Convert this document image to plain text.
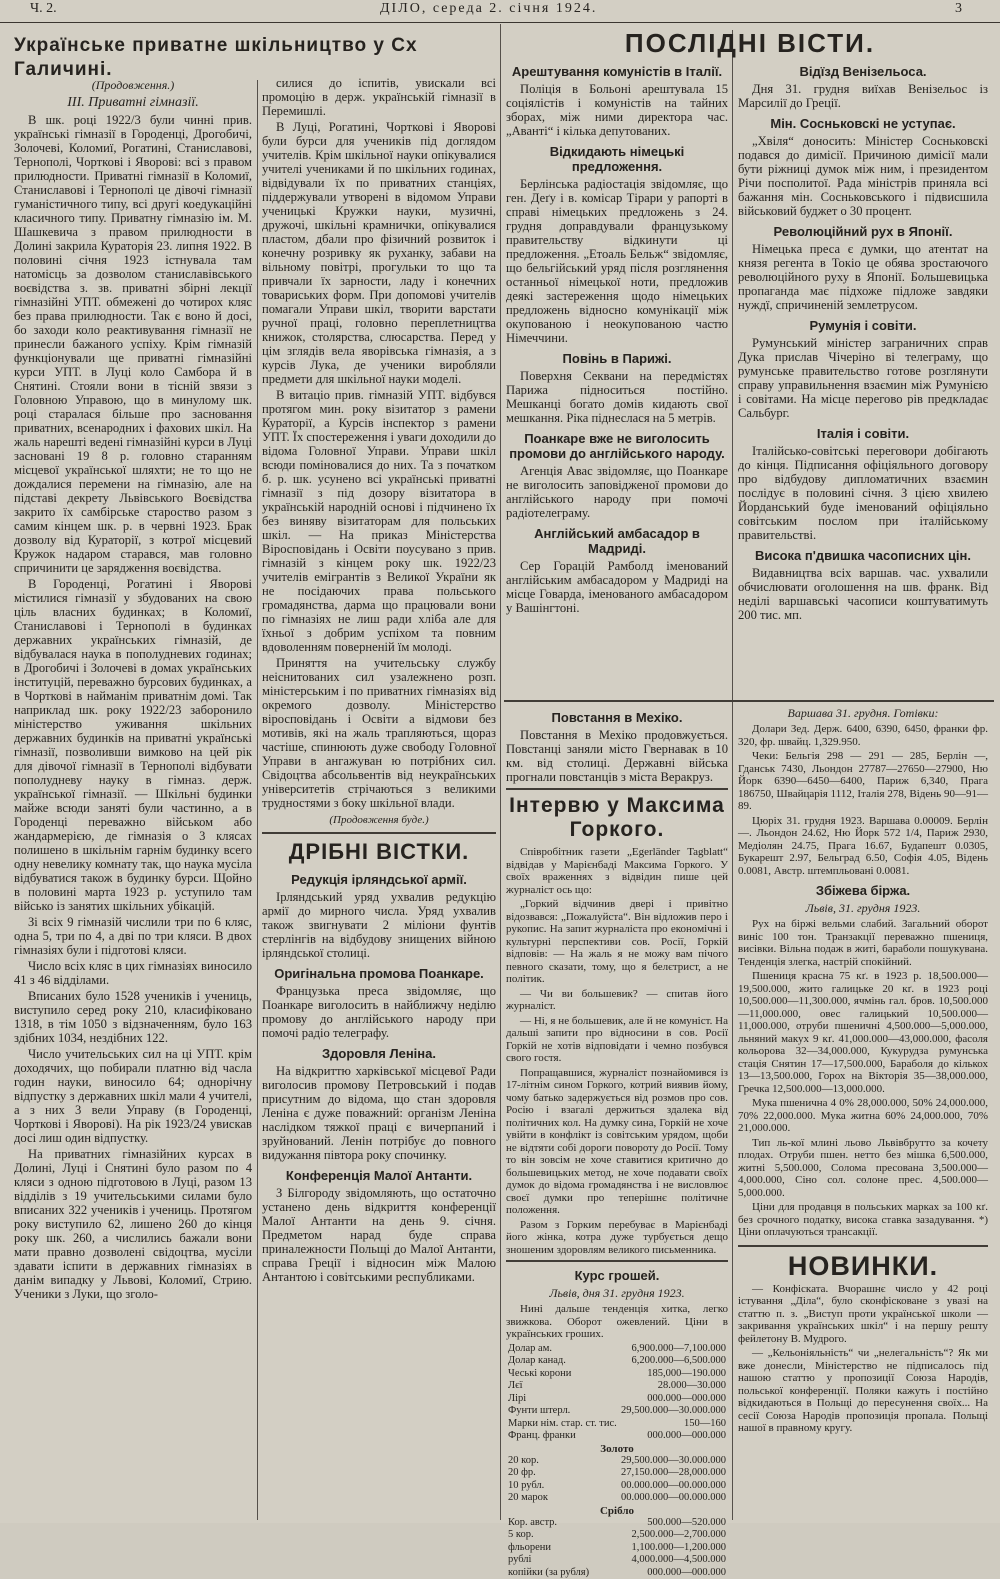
Ч. 2.	ДІЛО, середа 2. січня 1924.	3
Українське приватне шкільництво у Сх Галичині.
(Продовження.)
III. Приватні гімназії.

В шк. році 1922/3 були чинні прив. українські гімназії в Городенці, Дрогобичі, Золочеві, Коломиї, Рогатині, Станиславові, Тернополі, Чорткові і Яворові: всі з правом прилюдности. Приватні гімназії в Коломиї, Станиславові і Тернополі це дівочі гімназії гуманістичного типу, всі другі коедукаційні класичного типу. Приватну гімназію ім. М. Шашкевича з правом прилюдности в Долині закрила Кураторія 23. липня 1922. В половині січня 1923 істнувала там натомісць за дозволом станиславівського воєвідства з. зв. приватні збірні лекції гімназійні УПТ. обмежені до чотирох кляс без права прилюдности. Так є воно й досі, бо заходи коло реактивування гімназії не принесли бажаного успіху. Крім гімназій функціонували ще приватні гімназійні курси УПТ. в Луці коло Самбора й в Снятині. Стояли вони в тісній звязи з Головною Управою, що в минулому шк. році старалася більше про засновання приватних, всенародних і фахових шкіл. На жаль нарешті ведені гімназійні курси в Луці засновані 19 8 р. головно старанням місцевої української шляхти; не то що не дождалися перемени на гімназію, але на підставі декрету Львівського Воєвідства закрито їх самбірське староство разом з самим кінцем шк. р. в червні 1923. Брак дозволу від Кураторії, з котрої місцевий Кружок надаром старався, мав головно спричинити це зарядження воєвідства.

В Городенці, Рогатині і Яворові містилися гімназії у збудованих на свою ціль власних будинках; в Коломиї, Станиславові і Тернополі в будинках державних українських гімназій, де відбувалася наука в пополудневих годинах; в Дрогобичі і Золочеві в домах українських інституцій, переважно бурсових будинках, а в Чорткові в найманім приватнім домі. Так наприклад шк. року 1922/23 заборонило міністерство уживання шкільних державних будинків на приватні українські гімназії, позволивши вимково на цей рік для дівочої гімназії в Тернополі відбувати пополудневу науку в гімназ. держ. української гімназії. — Шкільні будинки майже всюди заняті були частинно, а в Городенці переважно військом або жандармерією, де гімназія о 3 клясах полишено в шкільнім гарнім будинку всего одну невелику комнату так, що наука мусіла відбуватися також в будинку бурси. Щойно в половині марта 1923 р. уступило там військо із занятих шкільних убікацій.

Зі всіх 9 гімназій числили три по 6 кляс, одна 5, три по 4, а дві по три кляси. В двох гімназіях були і підготові кляси.

Число всіх кляс в цих гімназіях виносило 41 з 46 відділами.

Вписаних було 1528 учеників і учениць, виступило серед року 210, класифіковано 1318, в тім 1050 з відзначенням, було 163 здібних 1034, нездібних 122.

Число учительських сил на ці УПТ. крім доходячих, що побирали платню від часла годин науки, виносило 64; однорічну відпустку з державних шкіл мали 4 учителі, а з них 3 вели Управу (в Городенці, Чорткові і Яворові). На рік 1923/24 увискав досі лиш один відпустку.

На приватних гімназійних курсах в Долині, Луці і Снятині було разом по 4 кляси з одною підготовою в Луці, разом 13 відділів з 19 учительськими силами було вписаних 322 учеників і учениць. Протягом року виступило 62, лишено 260 до кінця року шк. 260, а числились бажали вони мати правно дозволені свідоцтва, мусіли здавати іспити в державних гімназіях в данім випадку у Львові, Коломиї, Стрию. Ученики з Луки, що зголо-

силися до іспитів, увискали всі промоцію в держ. українській гімназії в Перемишлі.

В Луці, Рогатині, Чорткові і Яворові були бурси для учеників під доглядом учителів. Крім шкільної науки опікувалися учителі учениками й по шкільних годинах, відвідували їх по приватних станціях, піддержували утворені в відомом Управи ученицькі Кружки науки, музичні, дружочі, шкільні крамнички, опікувалися пластом, дбали про фізичний розвиток і конечну розривку як руханку, забави на вільному повітрі, прогульки то що та привчали їх зарности, ладу і конечних товариських форм. При допомові учителів помагали Управи шкіл, творити варстати ручної праці, головно переплетництва книжок, столярства, слюсарства. Перед у цім зглядів вела яворівська гімназія, а з курсів Лука, де ученики виробляли предмети для шкільної науки моделі.

В витаціо прив. гімназій УПТ. відбувся протягом мин. року візитатор з рамени Кураторії, а Курсів інспектор з рамени УПТ. Їх спостереження і уваги доходили до відома Головної Управи. Управи шкіл всюди поміновалися до них. Та з початком б. р. шк. усунено всі українські приватні гімназії з під дозору візитатора в українській народній основі і підчинено їх без виняву візитаторам для польських шкіл. — На приказ Міністерства Віросповідань і Освіти поусувано з прив. гімназій з кінцем року шк. 1922/23 учителів емігрантів з Великої України як не посідаючих права польського громадянства, дарма що працювали вони по гімназіях не лиш ради хліба але для їхньої з добрим успіхом та повним вдоволенням поверненій їм молоді.

Приняття на учительську службу неіснитованих сил узалежнено розп. міністерським і по приватних гімназіях від окремого дозволу. Міністерство віросповідань і Освіти а відмови без мотивів, які на жаль трапляються, щораз частіше, спинюють дуже свободу Головної Управи в ангажуван ю потрібних сил. Свідоцтва абсольвентів від неукраїнських університетів стрічаються з великими трудностями з боку шкільної влади.

(Продовження буде.)
ДРІБНІ ВІСТКИ.
Редукція ірляндської армії.

Ірляндський уряд ухвалив редукцію армії до мирного числа. Уряд ухвалив також звигнувати 2 міліони фунтів стерлінгів на відбудову знищених війною ірляндської столиці.

Оригінальна промова Поанкаре.

Французька преса звідомляє, що Поанкаре виголосить в найближчу неділю промову до англійського народу при помочі радіо телеграфу.

Здоровля Леніна.

На відкриттю харківської місцевої Ради виголосив промову Петровський і подав присутним до відома, що стан здоровля Леніна є дуже поважний: організм Леніна наслідком тяжкої праці є вичерпаний і зруйнований. Ленін потрібує до повного видужання півтора року спочинку.

Конференція Малої Антанти.

З Білгороду звідомляють, що остаточно устанено день відкриття конференції Малої Антанти на день 9. січня. Предметом нарад буде справа приналежности Польщі до Малої Антанти, справа Греції і відносин між Малою Антантою і совітськими республиками.

ПОСЛІДНІ ВІСТИ.
Арештування комуністів в Італії.

Поліція в Больоні арештувала 15 соціялістів і комуністів на тайних зборах, між ними директора час. „Аванті“ і кілька депутованих.

Відкидають німецькі предложення.

Берлінська радіостація звідомляє, що ген. Деґу і в. комісар Тірари у рапорті в справі німецьких предложень з 24. грудня доправдували французькому правительству відкинути ці предложення. „Етоаль Бельж“ звідомляє, що бельгійський уряд після розглянення останньої німецької ноти, предложив деякі застереження щодо німецьких предложень відносно комунікації між окупованою і неокупованою частю Німеччини.

Повінь в Парижі.

Поверхня Секвани на передмістях Парижа підноситься постійно. Мешканці богато домів кидають свої мешкання. Ріка піднеслася на 5 метрів.

Поанкаре вже не виголосить промови до англійського народу.

Агенція Авас звідомляє, що Поанкаре не виголосить заповідженої промови до англійського народу при помочі радіотелеграму.

Англійський амбасадор в Мадриді.

Сер Горацій Рамболд іменований англійським амбасадором у Мадриді на місце Говарда, іменованого амбасадором у Вашінгтоні.

Відїзд Венізельоса.

Дня 31. грудня виїхав Венізельос із Марсилії до Греції.

Мін. Сосньковскі не уступає.

„Хвіля“ доносить: Міністер Сосньковскі подався до димісії. Причиною димісії мали бути ріжниці думок між ним, і президентом Річи посполитої. Рада міністрів приняла всі бажання мін. Сосньковського і підвисшила військовий буджет о 30 процент.

Революційний рух в Японії.

Німецька преса є думки, що атентат на князя регента в Токіо це обява зростаючого революційного руху в Японії. Большевицька пропаганда має підхоже підложе завдяки нуждї, спричиненій землетрусом.

Румунія і совіти.

Румунський міністер заграничних справ Дука прислав Чічеріно ві телеграму, що румунське правительство готове розглянути справу управильнення взаємин між Румунією і совітами. На місце перегово рів предкладає Сальбург.

Італія і совіти.

Італійсько-совітські переговори добігають до кінця. Підписання офіціяльного договору про відбудову дипломатичних взаємин послідує в половині січня. З цією хвилею Йорданський буде іменований офіціяльно совітським послом при італійському правительстві.

Висока п'двишка часописних цін.

Видавництва всіх варшав. час. ухвалили обчислювати оголошення на шв. франк. Від неділі варшавські часописи коштуватимуть 200 тис. мп.

Повстання в Мехіко.

Повстання в Мехіко продовжується. Повстанці заняли місто Гвернавак в 10 км. від столиці. Державні війська прогнали повстанців з міста Веракруз.

Інтервю у Максима Горкого.

Співробітник газети „Egerländer Tagblatt“ відвідав у Марієнбаді Максима Горкого. У своїх враженнях з відвідин пише цей журналіст ось що:

„Горкий відчинив двері і привітно відозвався: „Пожалуйста“. Він відложив перо і рукопис. На запит журналіста про економічні і культурні перспективи сов. Росії, Горкій відповів: — На жаль я не можу вам пічого певного сказати, тому, що я белєтрист, а не політик.

— Чи ви большевик? — спитав його журналіст.

— Ні, я не большевик, але й не комуніст. На дальші запити про відносини в сов. Росії Горкій не хотів відповідати і чемно позбувся свого гостя.

Попращавшися, журналіст познайомився із 17-літнім сином Горкого, котрий виявив йому, чому батько задержується від розмов про сов. Росію і взагалі держиться здалека від політичних кол. На думку сина, Горкій не хоче увійти в конфлікт із совітським урядом, щоби не відтяти собі дороги повороту до Росії. Тому то він зовсім не хоче ставитися критично до большевицьких метод, не хоче подавати своїх думок до відома громадянства і не висловлює своєї думки про теперішнє політичне положення.

Разом з Горким перебуває в Марієнбаді його жінка, котра дуже турбується дещо зношеним здоровлям великого письменника.

Курс грошей.
Львів, дня 31. грудня 1923.

Нині дальше тенденція хитка, легко звижкова. Оборот ожевлений. Ціни в українських гроших.

Долар ам.	6,900.000—7,100.000
Долар канад.	6,200.000—6,500.000
Чеські корони	185,000—190.000
Лєї	28.000—30.000
Лірi	000.000—000.000
Фунти штерл.	29,500.000—30.000.000
Марки нім. стар. ст. тис.	150—160
Франц. франки	000.000—000.000
Золото
20 кор.	29,500.000—30.000.000
20 фр.	27,150.000—28,000.000
10 рубл.	00.000.000—00.000.000
20 марок	00.000.000—00.000.000
Срібло
Кор. австр.	500.000—520.000
5 кор.	2,500.000—2,700.000
фльорени	1,100.000—1,200.000
рублі	4,000.000—4,500.000
копійки (за рубля)	000.000—000.000
Варшава 31. грудня. Готівки:

Долари Зед. Держ. 6400, 6390, 6450, франки фр. 320, фр. швайц. 1,329.950.

Чеки: Бельгія 298 — 291 — 285, Берлін —, Гданськ 7430, Льондон 27787—27650—27900, Ню Йорк 6390—6450—6400, Париж 6,340, Прага 186750, Швайцарія 1112, Італія 278, Відень 90—91—89.

Цюріх 31. грудня 1923. Варшава 0.00009. Берлін —. Льондон 24.62, Ню Йорк 572 1/4, Париж 2930, Медіолян 24.75, Прага 16.67, Будапешт 0.0305, Букарешт 2.97, Бельград 6.50, Софія 4.05, Відень 0.0081, Австр. штемпльовані 0.0081.

Збіжева біржа.
Львів, 31. грудня 1923.

Рух на біржі вельми слабий. Загальний оборот виніс 100 тон. Транзакції переважно пшениця, висівки. Вільна подаж в житі, бараболи пошукувана. Тенденція злегка, настрій спокійний.

Пшениця красна 75 кґ. в 1923 р. 18,500.000—19,500.000, жито галицьке 20 кґ. в 1923 році 10,500.000—11,300.000, ячмінь гал. бров. 10,500.000—11,000.000, овес галицький 10,500.000—11,000.000, отруби пшеничні 4,500.000—5,000.000, льняний макух 9 кґ. 41,000.000—43,000.000, фасоля кольорова 32—34,000.000, Кукурудза румунська стація Снятин 17—17,500.000, Бараболя до кількох 13—13,500.000, Горох на Вікторія 35—38,000.000, Гречка 12,500.000—13,000.000.

Мука пшенична 4 0% 28,000.000, 50% 24,000.000, 70% 22,000.000. Мука житна 60% 24,000.000, 70% 21,000.000.

Тип ль-кої млині льово Львівбруттo за кочету плодах. Отруби пшен. нетто без мішка 6,500.000, житні 5,500.000, Солома пресована 3,500.000—4,000.000, Сіно сол. солоне прес. 4,500.000—5,000.000.

Ціни для продавця в польських марках за 100 кґ. без срочного податку, висока ставка зазадування. *) Ціни оплачуються трансакції.

НОВИНКИ.

— Конфіската. Вчорашнє число у 42 році істування „Діла“, було сконфісковане з увазі на статтю п. з. „Виступ проти української школи — закривання українських шкіл“ і на першу решту фейлетону В. Мудрого.

— „Кельоніяльність“ чи „нелегальність“? Як ми вже донесли, Міністерство не підписалось під нашою статтю у пропозиції Союза Народів, польської конференції. Поляки кажуть і постійно відкидаються в Польщі до пересунення своїх... На сесії Союза Народів пропозиція пропала. Польщі нашої в правному кругу.
